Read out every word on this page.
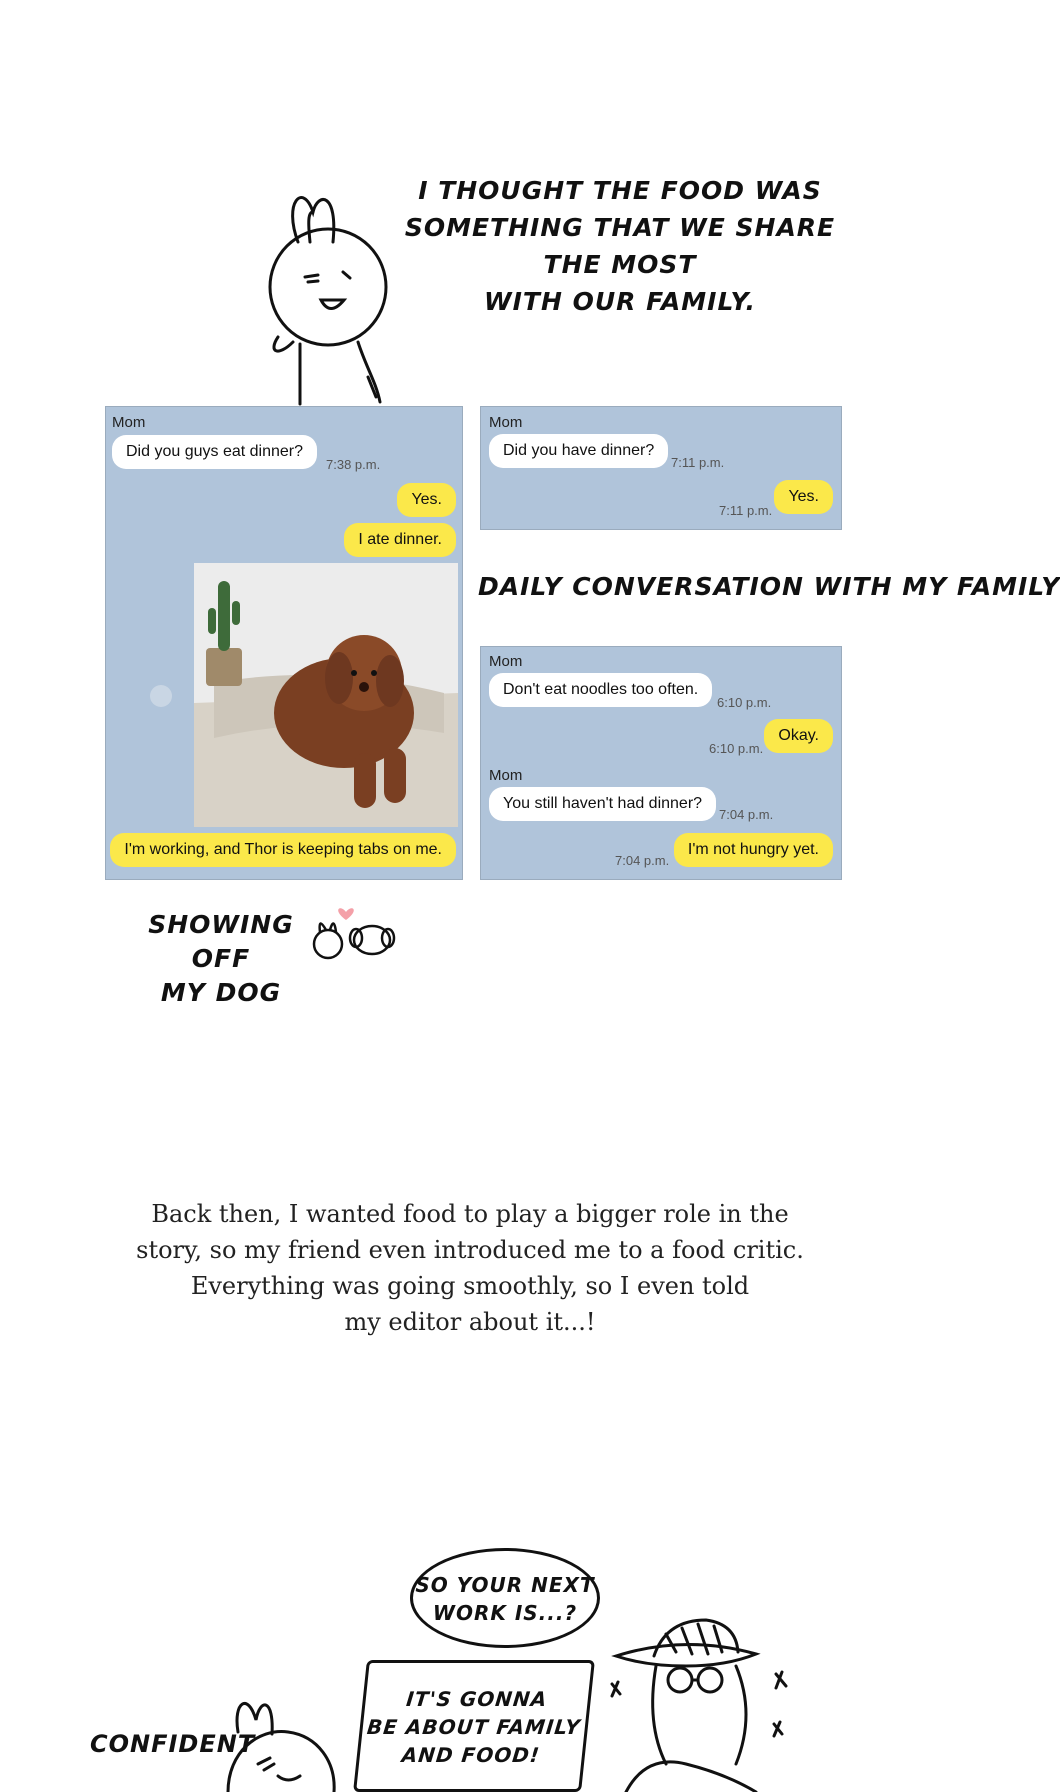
I THOUGHT THE FOOD WAS
SOMETHING THAT WE SHARE THE MOST
WITH OUR FAMILY.
Mom
Did you guys eat dinner?
7:38 p.m.
Yes.
I ate dinner.
I'm working, and Thor is keeping tabs on me.
Mom
Did you have dinner?
7:11 p.m.
7:11 p.m.
Yes.
DAILY CONVERSATION WITH MY FAMILY
Mom
Don't eat noodles too often.
6:10 p.m.
6:10 p.m.
Okay.
Mom
You still haven't had dinner?
7:04 p.m.
7:04 p.m.
I'm not hungry yet.
SHOWING OFF
MY DOG
Back then, I wanted food to play a bigger role in the
story, so my friend even introduced me to a food critic.
Everything was going smoothly, so I even told
my editor about it...!
SO YOUR NEXT
WORK IS...?
IT'S GONNA
BE ABOUT FAMILY
AND FOOD!
CONFIDENT
